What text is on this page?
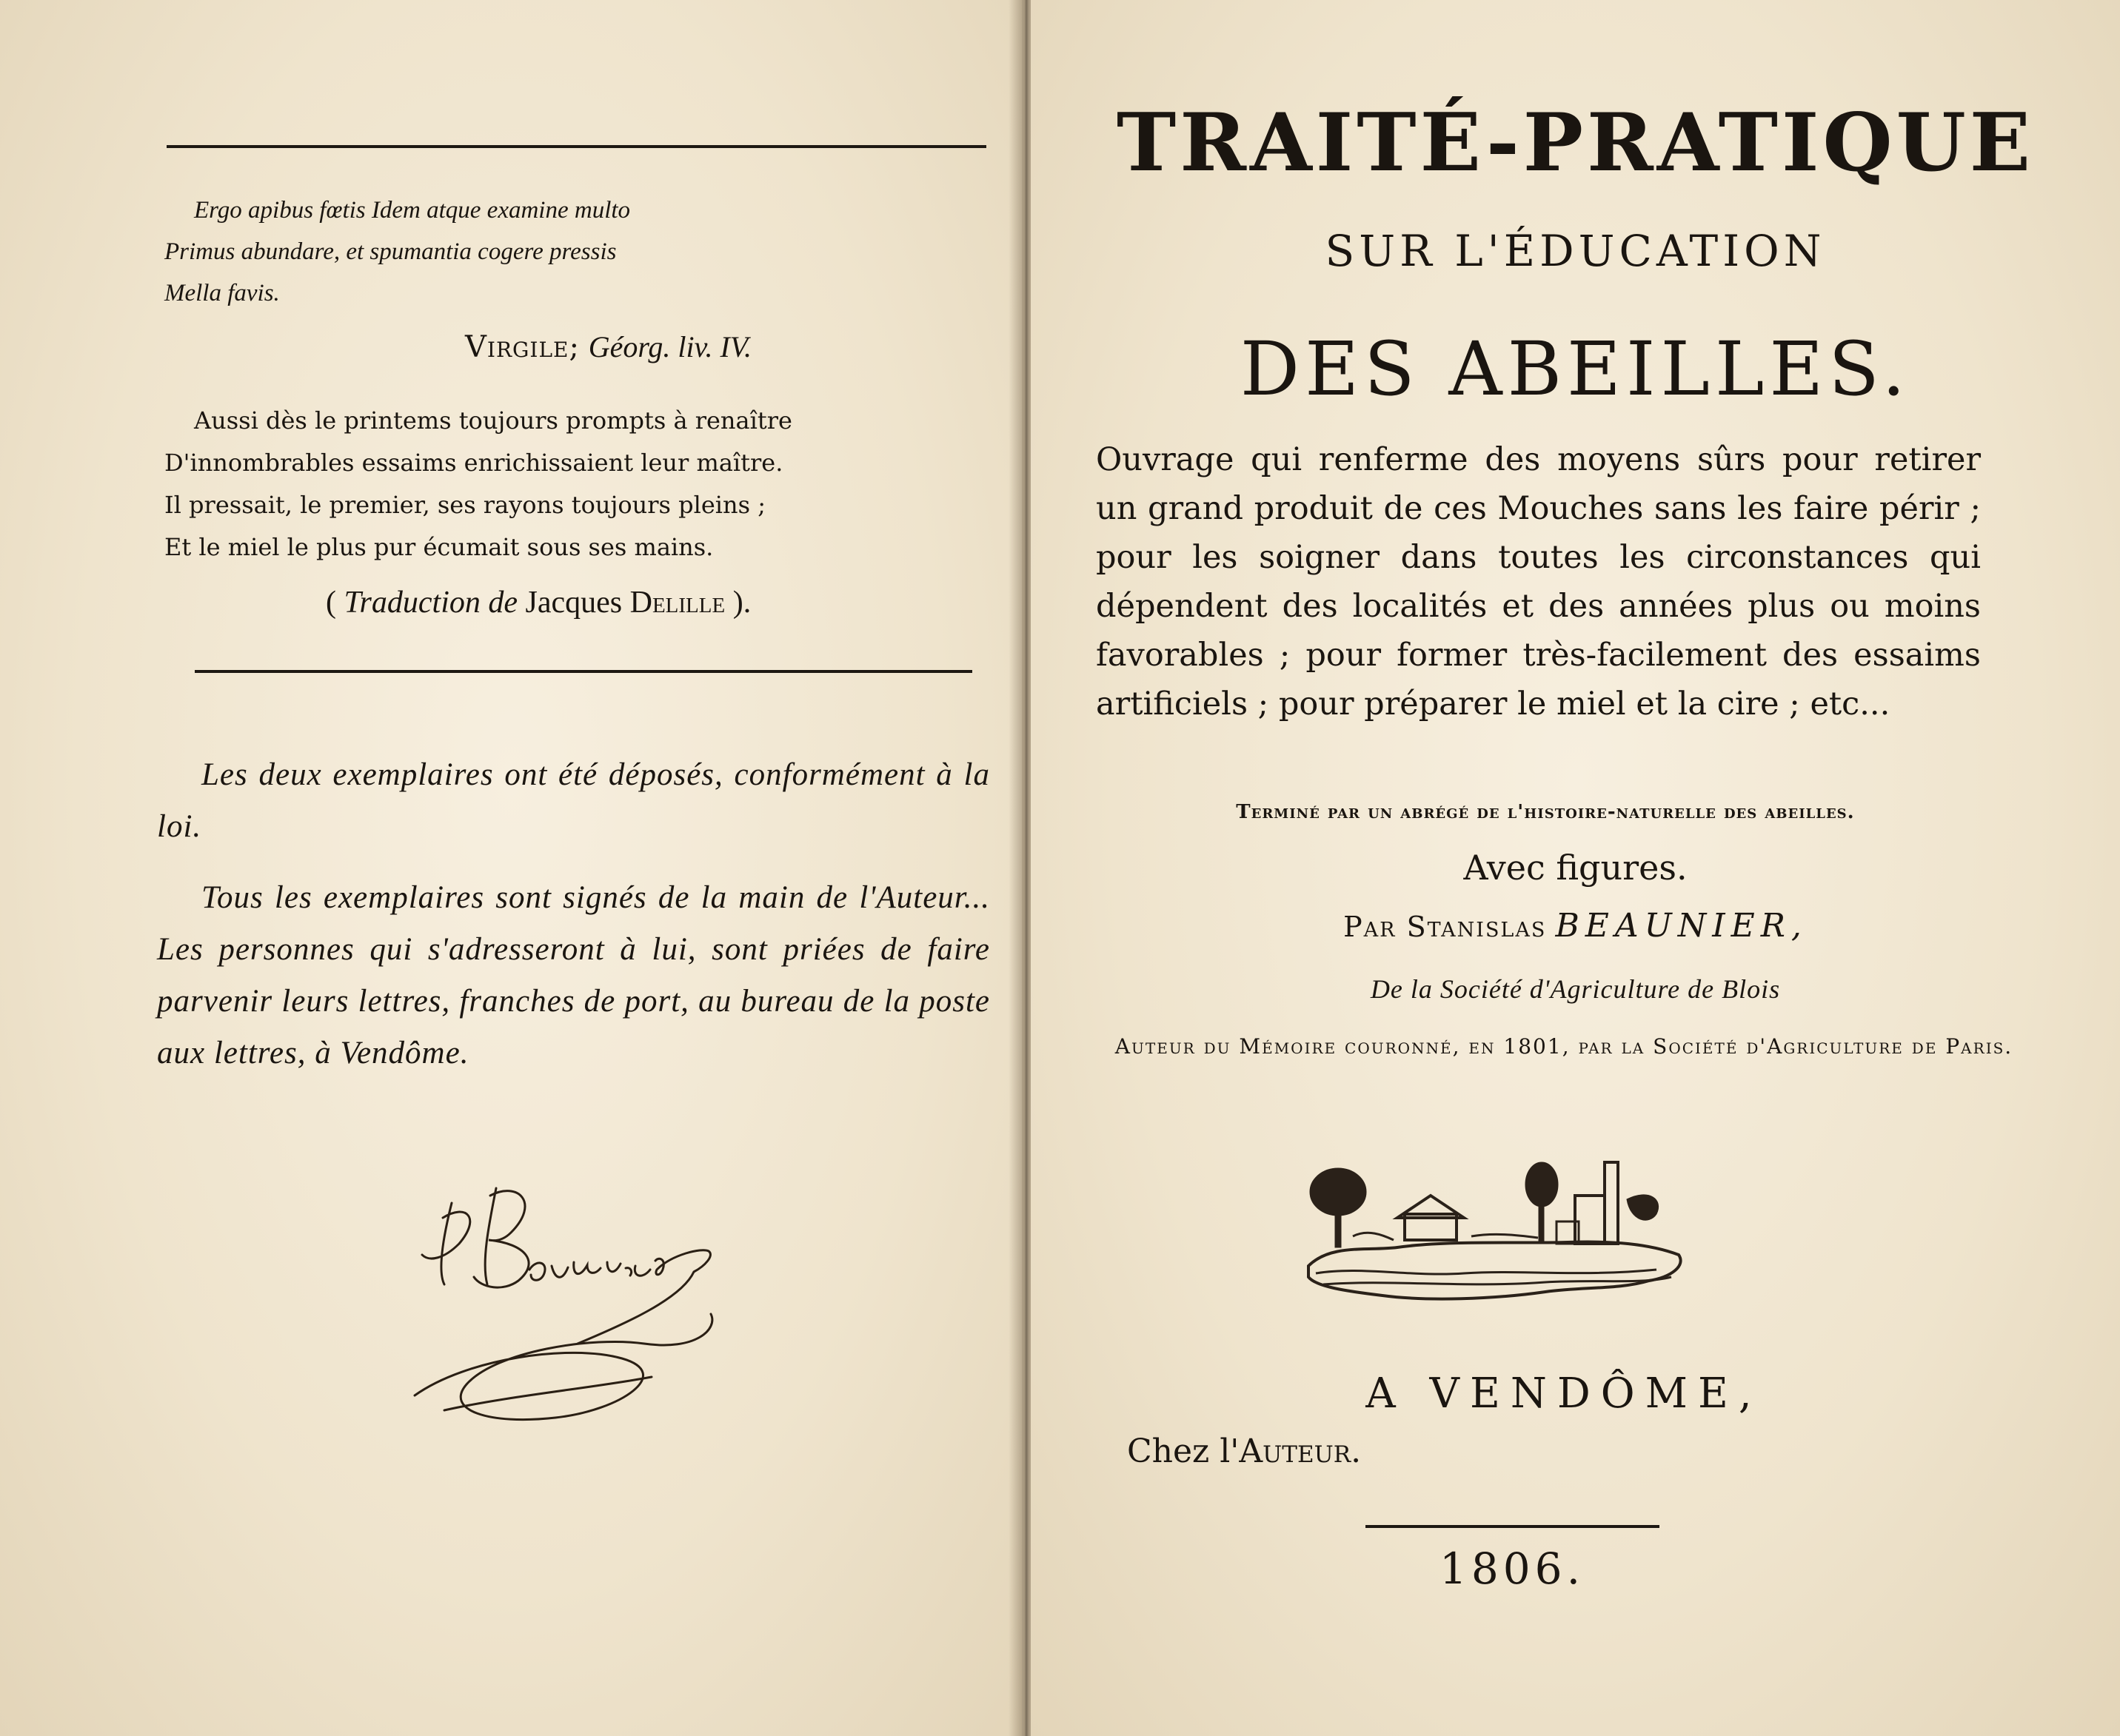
Ergo apibus fœtis Idem atque examine multo
Primus abundare, et spumantia cogere pressis
Mella favis.
Virgile; Géorg. liv. IV.
Aussi dès le printems toujours prompts à renaître
D'innombrables essaims enrichissaient leur maître.
Il pressait, le premier, ses rayons toujours pleins ;
Et le miel le plus pur écumait sous ses mains.
( Traduction de Jacques Delille ).
Les deux exemplaires ont été déposés, conformément à la loi.
Tous les exemplaires sont signés de la main de l'Auteur... Les personnes qui s'adresseront à lui, sont priées de faire parvenir leurs lettres, franches de port, au bureau de la poste aux lettres, à Vendôme.
TRAITÉ-PRATIQUE
SUR L'ÉDUCATION
DES ABEILLES.
Ouvrage qui renferme des moyens sûrs pour retirer un grand produit de ces Mouches sans les faire périr ; pour les soigner dans toutes les circonstances qui dépendent des localités et des années plus ou moins favorables ; pour former très-facilement des essaims artificiels ; pour préparer le miel et la cire ; etc...
Terminé par un abrégé de l'histoire-naturelle des abeilles.
Avec figures.
Par Stanislas BEAUNIER,
De la Société d'Agriculture de Blois
Auteur du Mémoire couronné, en 1801, par la Société d'Agriculture de Paris.
A VENDÔME,
Chez l'Auteur.
1806.
